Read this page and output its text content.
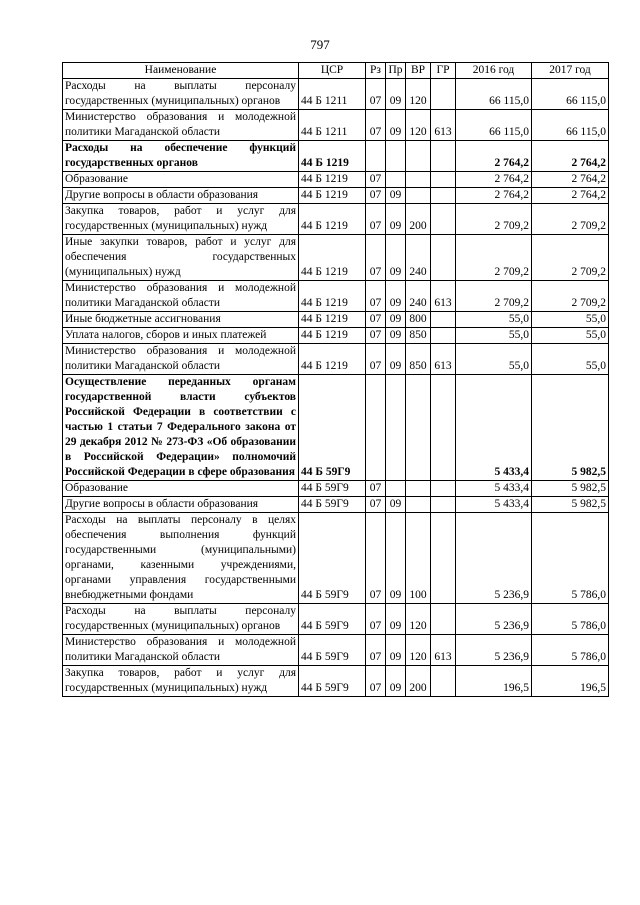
797
Наименование	ЦСР	Рз	Пр	ВР	ГР	2016 год	2017 год
Расходы на выплаты персоналу государственных (муниципальных) органов	44 Б 1211	07	09	120		66 115,0	66 115,0
Министерство образования и молодежной политики Магаданской области	44 Б 1211	07	09	120	613	66 115,0	66 115,0
Расходы на обеспечение функций государственных органов	44 Б 1219					2 764,2	2 764,2
Образование	44 Б 1219	07				2 764,2	2 764,2
Другие вопросы в области образования	44 Б 1219	07	09			2 764,2	2 764,2
Закупка товаров, работ и услуг для государственных (муниципальных) нужд	44 Б 1219	07	09	200		2 709,2	2 709,2
Иные закупки товаров, работ и услуг для обеспечения государственных (муниципальных) нужд	44 Б 1219	07	09	240		2 709,2	2 709,2
Министерство образования и молодежной политики Магаданской области	44 Б 1219	07	09	240	613	2 709,2	2 709,2
Иные бюджетные ассигнования	44 Б 1219	07	09	800		55,0	55,0
Уплата налогов, сборов и иных платежей	44 Б 1219	07	09	850		55,0	55,0
Министерство образования и молодежной политики Магаданской области	44 Б 1219	07	09	850	613	55,0	55,0
Осуществление переданных органам государственной власти субъектов Российской Федерации в соответствии с частью 1 статьи 7 Федерального закона от 29 декабря 2012 № 273-ФЗ «Об образовании в Российской Федерации» полномочий Российской Федерации в сфере образования	44 Б 59Г9					5 433,4	5 982,5
Образование	44 Б 59Г9	07				5 433,4	5 982,5
Другие вопросы в области образования	44 Б 59Г9	07	09			5 433,4	5 982,5
Расходы на выплаты персоналу в целях обеспечения выполнения функций государственными (муниципальными) органами, казенными учреждениями, органами управления государственными внебюджетными фондами	44 Б 59Г9	07	09	100		5 236,9	5 786,0
Расходы на выплаты персоналу государственных (муниципальных) органов	44 Б 59Г9	07	09	120		5 236,9	5 786,0
Министерство образования и молодежной политики Магаданской области	44 Б 59Г9	07	09	120	613	5 236,9	5 786,0
Закупка товаров, работ и услуг для государственных (муниципальных) нужд	44 Б 59Г9	07	09	200		196,5	196,5
